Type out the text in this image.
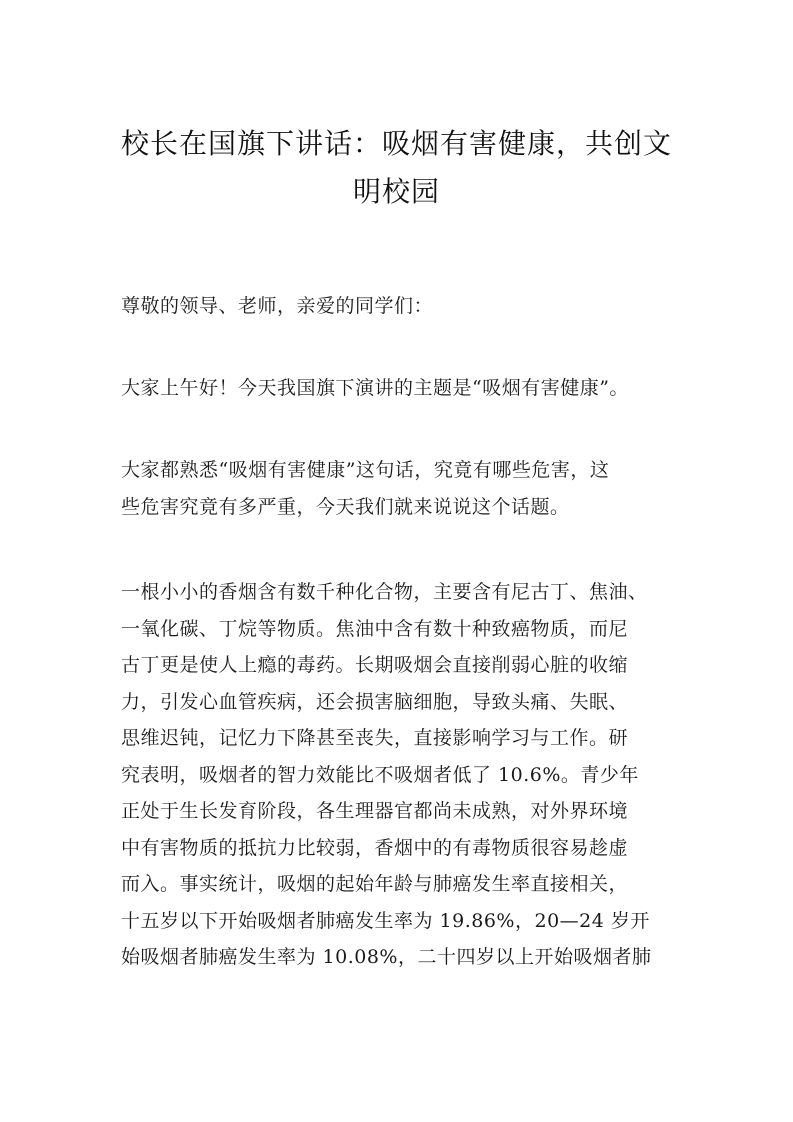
校长在国旗下讲话：吸烟有害健康，共创文
明校园

尊敬的领导、老师，亲爱的同学们：

大家上午好！今天我国旗下演讲的主题是“吸烟有害健康”。

大家都熟悉“吸烟有害健康”这句话，究竟有哪些危害，这
些危害究竟有多严重，今天我们就来说说这个话题。

一根小小的香烟含有数千种化合物，主要含有尼古丁、焦油、
一氧化碳、丁烷等物质。焦油中含有数十种致癌物质，而尼
古丁更是使人上瘾的毒药。长期吸烟会直接削弱心脏的收缩
力，引发心血管疾病，还会损害脑细胞，导致头痛、失眠、
思维迟钝，记忆力下降甚至丧失，直接影响学习与工作。研
究表明，吸烟者的智力效能比不吸烟者低了 10.6%。青少年
正处于生长发育阶段，各生理器官都尚未成熟，对外界环境
中有害物质的抵抗力比较弱，香烟中的有毒物质很容易趁虚
而入。事实统计，吸烟的起始年龄与肺癌发生率直接相关，
十五岁以下开始吸烟者肺癌发生率为 19.86%，20—24 岁开
始吸烟者肺癌发生率为 10.08%，二十四岁以上开始吸烟者肺
